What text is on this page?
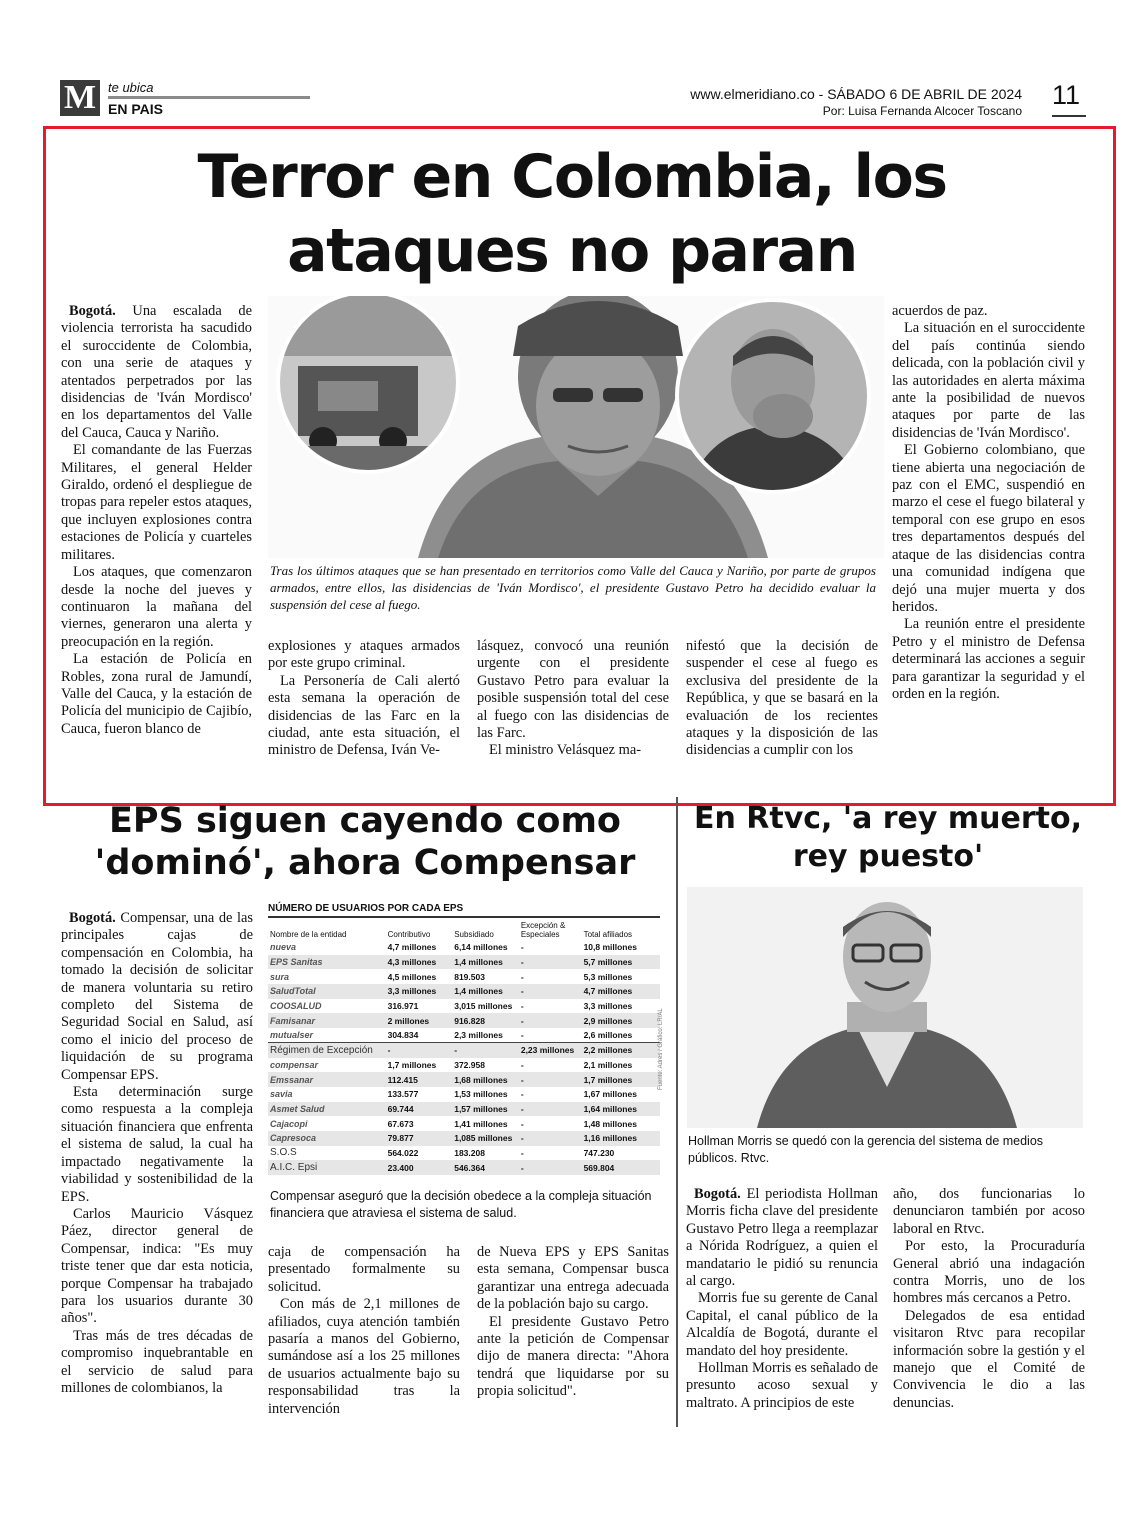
M te ubica
EN PAIS
www.elmeridiano.co - SÁBADO 6 DE ABRIL DE 2024
Por: Luisa Fernanda Alcocer Toscano
11
Terror en Colombia, los ataques no paran

Tras los últimos ataques que se han presentado en territorios como Valle del Cauca y Nariño, por parte de grupos armados, entre ellos, las disidencias de 'Iván Mordisco', el presidente Gustavo Petro ha decidido evaluar la suspensión del cese al fuego.

Bogotá. Una escalada de violencia terrorista ha sacudido el suroccidente de Colombia, con una serie de ataques y atentados perpetrados por las disidencias de 'Iván Mordisco' en los departamentos del Valle del Cauca, Cauca y Nariño.

El comandante de las Fuerzas Militares, el general Helder Giraldo, ordenó el despliegue de tropas para repeler estos ataques, que incluyen explosiones contra estaciones de Policía y cuarteles militares.

Los ataques, que comenzaron desde la noche del jueves y continuaron la mañana del viernes, generaron una alerta y preocupación en la región.

La estación de Policía en Robles, zona rural de Jamundí, Valle del Cauca, y la estación de Policía del municipio de Cajibío, Cauca, fueron blanco de

explosiones y ataques armados por este grupo criminal.

La Personería de Cali alertó esta semana la operación de disidencias de las Farc en la ciudad, ante esta situación, el ministro de Defensa, Iván Ve-

lásquez, convocó una reunión urgente con el presidente Gustavo Petro para evaluar la posible suspensión total del cese al fuego con las disidencias de las Farc.

El ministro Velásquez ma-

nifestó que la decisión de suspender el cese al fuego es exclusiva del presidente de la República, y que se basará en la evaluación de los recientes ataques y la disposición de las disidencias a cumplir con los

acuerdos de paz.

La situación en el suroccidente del país continúa siendo delicada, con la población civil y las autoridades en alerta máxima ante la posibilidad de nuevos ataques por parte de las disidencias de 'Iván Mordisco'.

El Gobierno colombiano, que tiene abierta una negociación de paz con el EMC, suspendió en marzo el cese el fuego bilateral y temporal con ese grupo en esos tres departamentos después del ataque de las disidencias contra una comunidad indígena que dejó una mujer muerta y dos heridos.

La reunión entre el presidente Petro y el ministro de Defensa determinará las acciones a seguir para garantizar la seguridad y el orden en la región.

EPS siguen cayendo como 'dominó', ahora Compensar

Bogotá. Compensar, una de las principales cajas de compensación en Colombia, ha tomado la decisión de solicitar de manera voluntaria su retiro completo del Sistema de Seguridad Social en Salud, así como el inicio del proceso de liquidación de su programa Compensar EPS.

Esta determinación surge como respuesta a la compleja situación financiera que enfrenta el sistema de salud, la cual ha impactado negativamente la viabilidad y sostenibilidad de la EPS.

Carlos Mauricio Vásquez Páez, director general de Compensar, indica: "Es muy triste tener que dar esta noticia, porque Compensar ha trabajado para los usuarios durante 30 años".

Tras más de tres décadas de compromiso inquebrantable en el servicio de salud para millones de colombianos, la

NÚMERO DE USUARIOS POR CADA EPS
Nombre de la entidad	Contributivo	Subsidiado	Excepción & Especiales	Total afiliados
nueva	4,7 millones	6,14 millones	-	10,8 millones
EPS Sanitas	4,3 millones	1,4 millones	-	5,7 millones
sura	4,5 millones	819.503	-	5,3 millones
SaludTotal	3,3 millones	1,4 millones	-	4,7 millones
COOSALUD	316.971	3,015 millones	-	3,3 millones
Famisanar	2 millones	916.828	-	2,9 millones
mutualser	304.834	2,3 millones	-	2,6 millones
Régimen de Excepción	-	-	2,23 millones	2,2 millones
compensar	1,7 millones	372.958	-	2,1 millones
Emssanar	112.415	1,68 millones	-	1,7 millones
savia	133.577	1,53 millones	-	1,67 millones
Asmet Salud	69.744	1,57 millones	-	1,64 millones
Cajacopi	67.673	1,41 millones	-	1,48 millones
Capresoca	79.877	1,085 millones	-	1,16 millones
S.O.S	564.022	183.208	-	747.230
A.I.C. Epsi	23.400	546.364	-	569.804
Fuente: Adres / Gráfico: LR/AL

Compensar aseguró que la decisión obedece a la compleja situación financiera que atraviesa el sistema de salud.

caja de compensación ha presentado formalmente su solicitud.

Con más de 2,1 millones de afiliados, cuya atención también pasaría a manos del Gobierno, sumándose así a los 25 millones de usuarios actualmente bajo su responsabilidad tras la intervención

de Nueva EPS y EPS Sanitas esta semana, Compensar busca garantizar una entrega adecuada de la población bajo su cargo.

El presidente Gustavo Petro ante la petición de Compensar dijo de manera directa: "Ahora tendrá que liquidarse por su propia solicitud".

En Rtvc, 'a rey muerto, rey puesto'

Hollman Morris se quedó con la gerencia del sistema de medios públicos. Rtvc.

Bogotá. El periodista Hollman Morris ficha clave del presidente Gustavo Petro llega a reemplazar a Nórida Rodríguez, a quien el mandatario le pidió su renuncia al cargo.

Morris fue su gerente de Canal Capital, el canal público de la Alcaldía de Bogotá, durante el mandato del hoy presidente.

Hollman Morris es señalado de presunto acoso sexual y maltrato. A principios de este

año, dos funcionarias lo denunciaron también por acoso laboral en Rtvc.

Por esto, la Procuraduría General abrió una indagación contra Morris, uno de los hombres más cercanos a Petro.

Delegados de esa entidad visitaron Rtvc para recopilar información sobre la gestión y el manejo que el Comité de Convivencia le dio a las denuncias.
